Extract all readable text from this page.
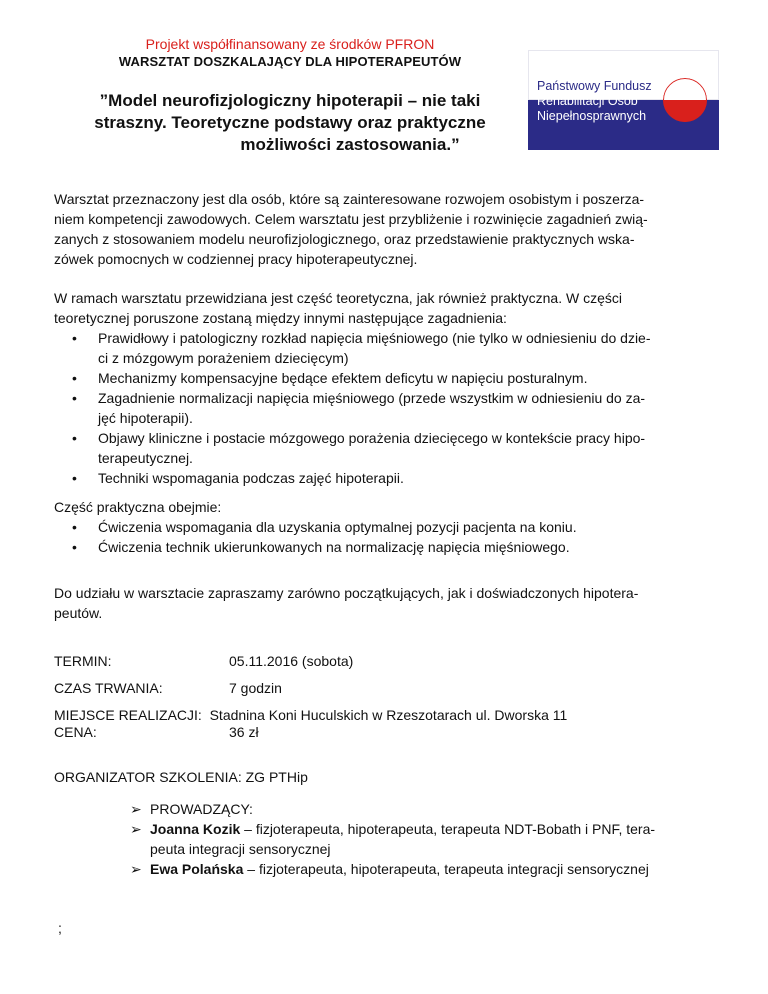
Projekt współfinansowany ze środków PFRON
WARSZTAT DOSZKALAJĄCY DLA HIPOTERAPEUTÓW
”Model neurofizjologiczny hipoterapii – nie taki
straszny. Teoretyczne podstawy oraz praktyczne
możliwości zastosowania.”
Państwowy Fundusz
Rehabilitacji Osób
Niepełnosprawnych
Warsztat przeznaczony jest dla osób, które są zainteresowane rozwojem osobistym i poszerza-
niem kompetencji zawodowych. Celem warsztatu jest przybliżenie i rozwinięcie zagadnień zwią-
zanych z stosowaniem modelu neurofizjologicznego, oraz przedstawienie praktycznych wska-
zówek pomocnych w codziennej pracy hipoterapeutycznej.
W ramach warsztatu przewidziana jest część teoretyczna, jak również praktyczna. W części
teoretycznej poruszone zostaną między innymi następujące zagadnienia:
• Prawidłowy i patologiczny rozkład napięcia mięśniowego (nie tylko w odniesieniu do dzie-
ci z mózgowym porażeniem dziecięcym)
• Mechanizmy kompensacyjne będące efektem deficytu w napięciu posturalnym.
• Zagadnienie normalizacji napięcia mięśniowego (przede wszystkim w odniesieniu do za-
jęć hipoterapii).
• Objawy kliniczne i postacie mózgowego porażenia dziecięcego w kontekście pracy hipo-
terapeutycznej.
• Techniki wspomagania podczas zajęć hipoterapii.
Część praktyczna obejmie:
• Ćwiczenia wspomagania dla uzyskania optymalnej pozycji pacjenta na koniu.
• Ćwiczenia technik ukierunkowanych na normalizację napięcia mięśniowego.
Do udziału w warsztacie zapraszamy zarówno początkujących, jak i doświadczonych hipotera-
peutów.
TERMIN:	05.11.2016 (sobota)
CZAS TRWANIA:	7 godzin
MIEJSCE REALIZACJI: Stadnina Koni Huculskich w Rzeszotarach ul. Dworska 11
CENA:	36 zł
ORGANIZATOR SZKOLENIA: ZG PTHip
➢ PROWADZĄCY:
➢ Joanna Kozik – fizjoterapeuta, hipoterapeuta, terapeuta NDT-Bobath i PNF, tera-
peuta integracji sensorycznej
➢ Ewa Polańska – fizjoterapeuta, hipoterapeuta, terapeuta integracji sensorycznej
;
